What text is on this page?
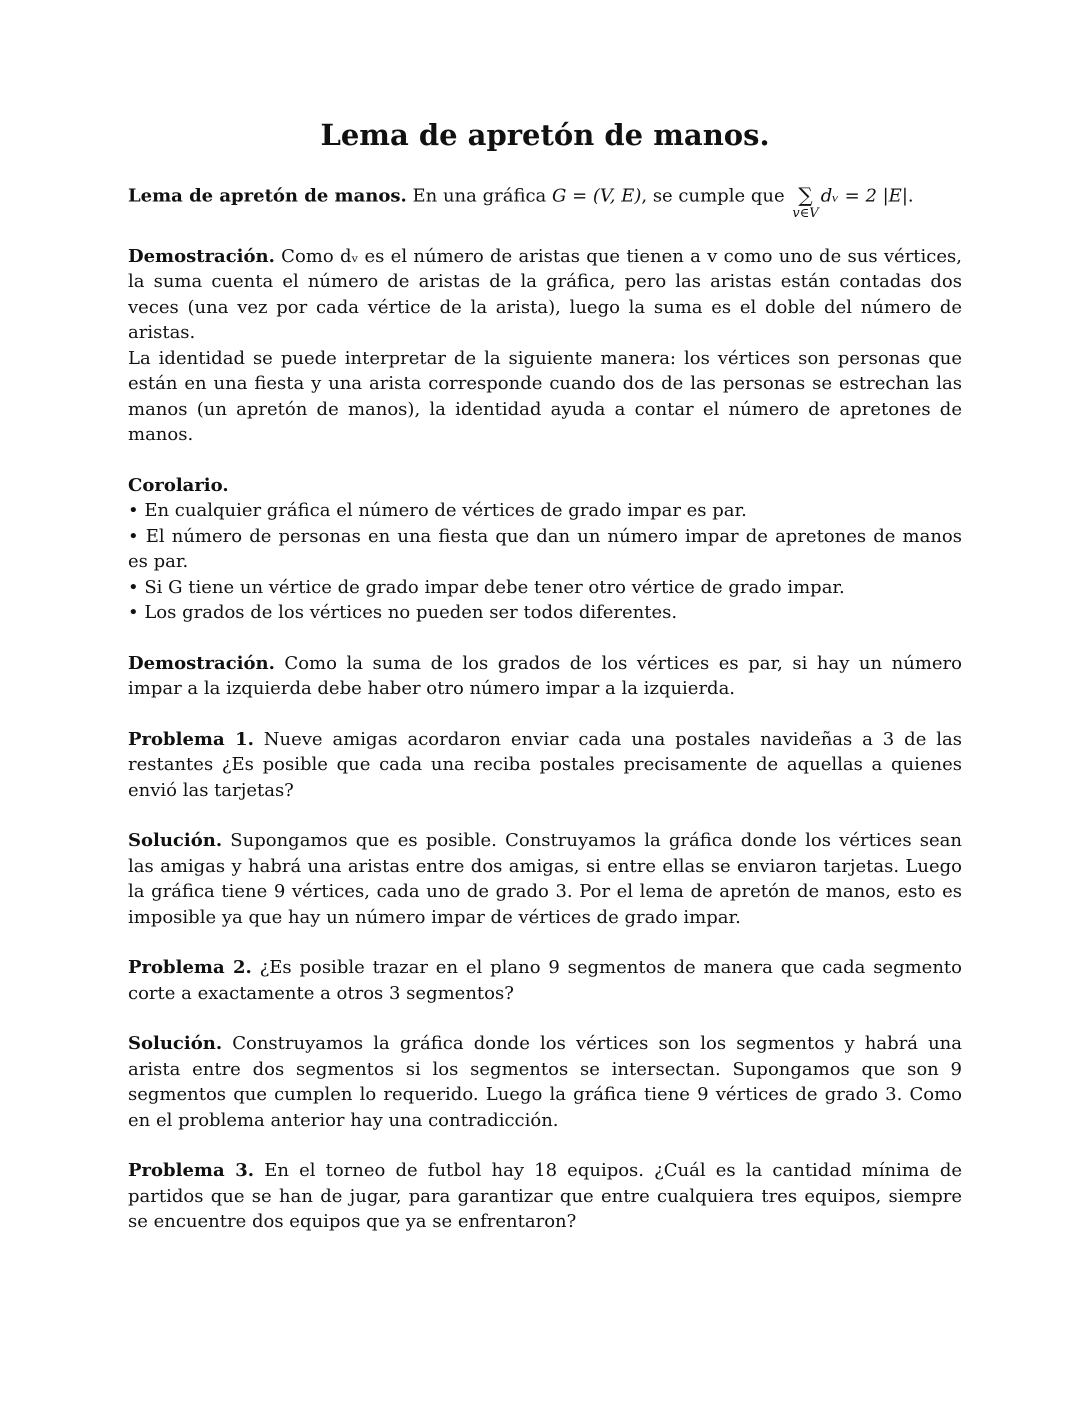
Lema de apretón de manos.

Lema de apretón de manos. En una gráfica G = (V, E), se cumple que ∑
v∈V
dᵥ = 2 |E|.

Demostración. Como dᵥ es el número de aristas que tienen a v como uno de sus vértices, la suma cuenta el número de aristas de la gráfica, pero las aristas están contadas dos veces (una vez por cada vértice de la arista), luego la suma es el doble del número de aristas.

La identidad se puede interpretar de la siguiente manera: los vértices son personas que están en una fiesta y una arista corresponde cuando dos de las personas se estrechan las manos (un apretón de manos), la identidad ayuda a contar el número de apretones de manos.

Corolario.

• En cualquier gráfica el número de vértices de grado impar es par.

• El número de personas en una fiesta que dan un número impar de apretones de manos es par.

• Si G tiene un vértice de grado impar debe tener otro vértice de grado impar.

• Los grados de los vértices no pueden ser todos diferentes.

Demostración. Como la suma de los grados de los vértices es par, si hay un número impar a la izquierda debe haber otro número impar a la izquierda.

Problema 1. Nueve amigas acordaron enviar cada una postales navideñas a 3 de las restantes ¿Es posible que cada una reciba postales precisamente de aquellas a quienes envió las tarjetas?

Solución. Supongamos que es posible. Construyamos la gráfica donde los vértices sean las amigas y habrá una aristas entre dos amigas, si entre ellas se enviaron tarjetas. Luego la gráfica tiene 9 vértices, cada uno de grado 3. Por el lema de apretón de manos, esto es imposible ya que hay un número impar de vértices de grado impar.

Problema 2. ¿Es posible trazar en el plano 9 segmentos de manera que cada segmento corte a exactamente a otros 3 segmentos?

Solución. Construyamos la gráfica donde los vértices son los segmentos y habrá una arista entre dos segmentos si los segmentos se intersectan. Supongamos que son 9 segmentos que cumplen lo requerido. Luego la gráfica tiene 9 vértices de grado 3. Como en el problema anterior hay una contradicción.

Problema 3. En el torneo de futbol hay 18 equipos. ¿Cuál es la cantidad mínima de partidos que se han de jugar, para garantizar que entre cualquiera tres equipos, siempre se encuentre dos equipos que ya se enfrentaron?
